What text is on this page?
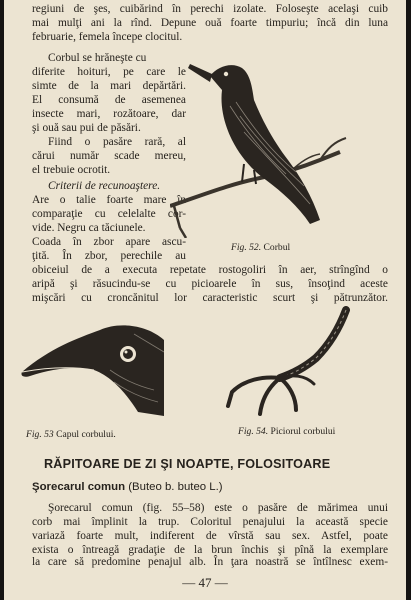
regiuni de şes, cuibărind în perechi izolate. Foloseşte acelaşi cuib
mai mulţi ani la rînd. Depune ouă foarte timpuriu; încă din luna
februarie, femela începe clocitul.
Corbul se hrăneşte cu
diferite hoituri, pe care le
simte de la mari depărtări.
El consumă de asemenea
insecte mari, rozătoare, dar
şi ouă sau pui de păsări.
Fiind o pasăre rară, al
cărui număr scade mereu,
el trebuie ocrotit.
Criterii de recunoaştere.
Are o talie foarte mare în
comparaţie cu celelalte cor-
vide. Negru ca tăciunele.
Coada în zbor apare ascu-
ţită. În zbor, perechile au
Fig. 52. Corbul
obiceiul de a executa repetate rostogoliri în aer, strîngînd o
aripă şi răsucindu-se cu picioarele în sus, însoţind aceste
mişcări cu croncănitul lor caracteristic scurt şi pătrunzător.
Fig. 53 Capul corbului.	Fig. 54. Piciorul corbului
RĂPITOARE DE ZI ŞI NOAPTE, FOLOSITOARE
Şorecarul comun (Buteo b. buteo L.)
Şorecarul comun (fig. 55–58) este o pasăre de mărimea unui
corb mai împlinit la trup. Coloritul penajului la această specie
variază foarte mult, indiferent de vîrstă sau sex. Astfel, poate
exista o întreagă gradaţie de la brun închis şi pînă la exemplare
— 47 —
la care să predomine penajul alb. În ţara noastră se întîlnesc exem-
